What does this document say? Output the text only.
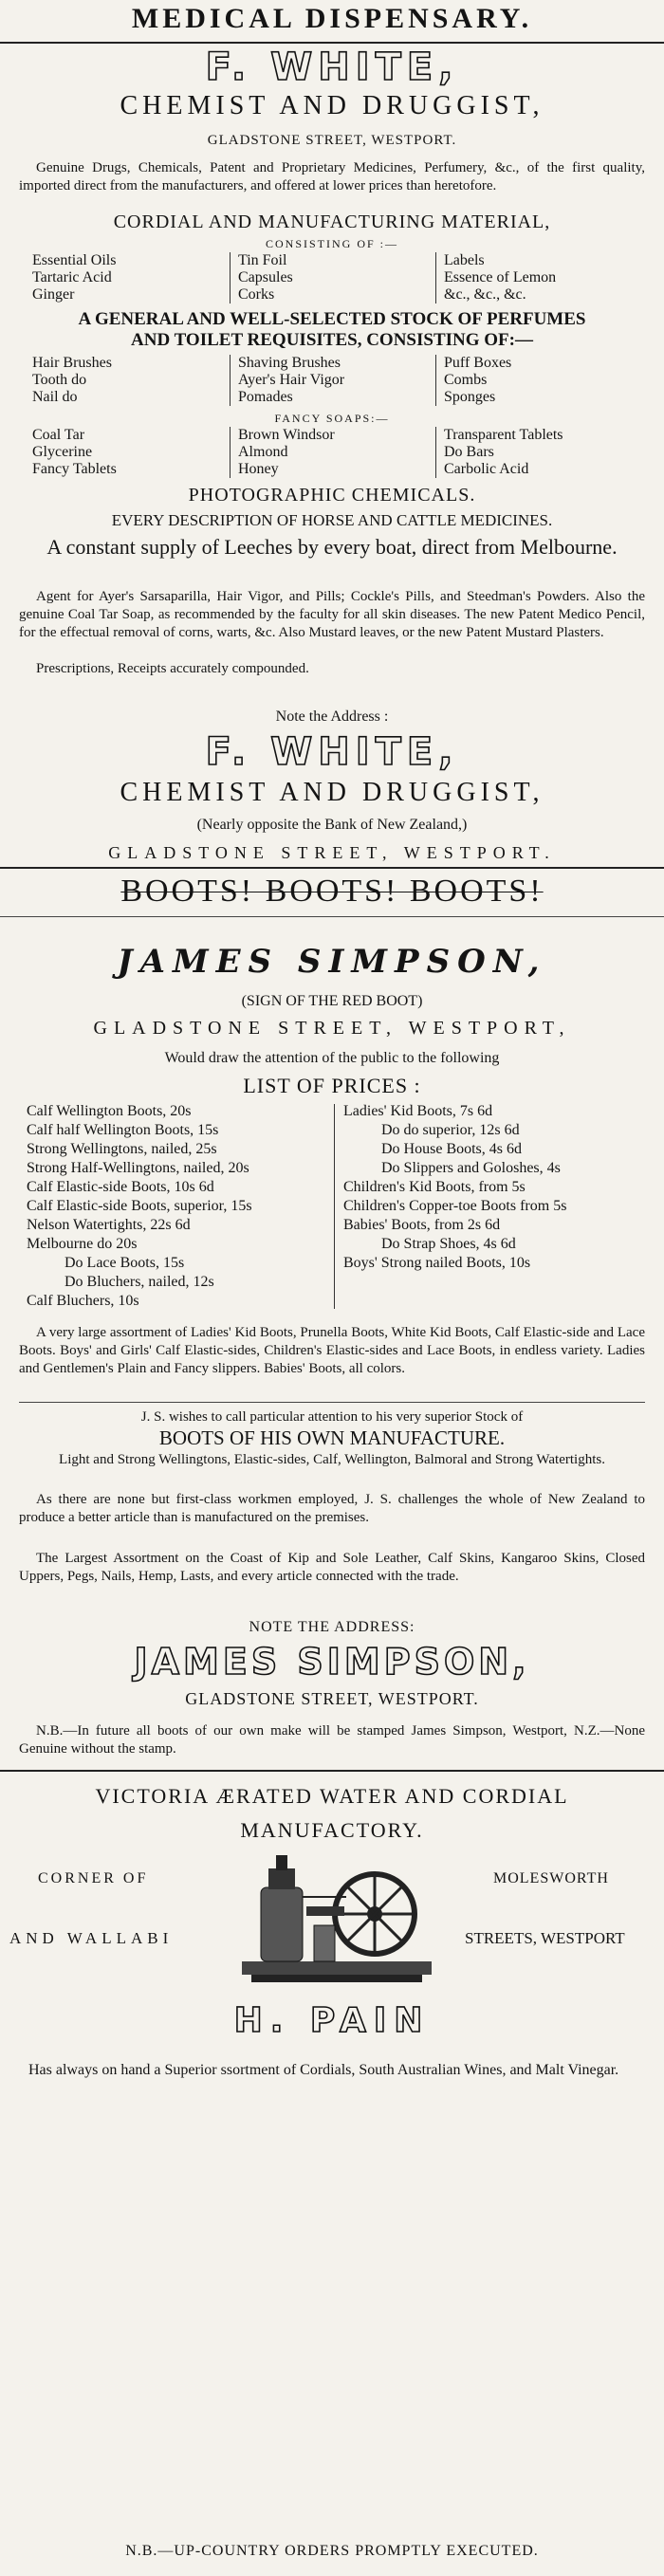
MEDICAL DISPENSARY.
F. WHITE,
CHEMIST AND DRUGGIST,
GLADSTONE STREET, WESTPORT.
Genuine Drugs, Chemicals, Patent and Proprietary Medicines, Perfumery, &c., of the first quality, imported direct from the manufacturers, and offered at lower prices than heretofore.
CORDIAL AND MANUFACTURING MATERIAL,
CONSISTING OF :—
Essential Oils
Tartaric Acid
Ginger
Tin Foil
Capsules
Corks
Labels
Essence of Lemon
&c., &c., &c.
A GENERAL AND WELL-SELECTED STOCK OF PERFUMES
AND TOILET REQUISITES, CONSISTING OF:—
Hair Brushes
Tooth do
Nail do
Shaving Brushes
Ayer's Hair Vigor
Pomades
Puff Boxes
Combs
Sponges
FANCY SOAPS:—
Coal Tar
Glycerine
Fancy Tablets
Brown Windsor
Almond
Honey
Transparent Tablets
Do Bars
Carbolic Acid
PHOTOGRAPHIC CHEMICALS.
EVERY DESCRIPTION OF HORSE AND CATTLE MEDICINES.
A constant supply of Leeches by every boat, direct from Melbourne.
Agent for Ayer's Sarsaparilla, Hair Vigor, and Pills; Cockle's Pills, and Steedman's Powders. Also the genuine Coal Tar Soap, as recommended by the faculty for all skin diseases. The new Patent Medico Pencil, for the effectual removal of corns, warts, &c. Also Mustard leaves, or the new Patent Mustard Plasters.
Prescriptions, Receipts accurately compounded.
Note the Address :
F. WHITE,
CHEMIST AND DRUGGIST,
(Nearly opposite the Bank of New Zealand,)
GLADSTONE STREET, WESTPORT.
BOOTS! BOOTS! BOOTS!
JAMES SIMPSON,
(SIGN OF THE RED BOOT)
GLADSTONE STREET, WESTPORT,
Would draw the attention of the public to the following
LIST OF PRICES :
Calf Wellington Boots, 20s
Calf half Wellington Boots, 15s
Strong Wellingtons, nailed, 25s
Strong Half-Wellingtons, nailed, 20s
Calf Elastic-side Boots, 10s 6d
Calf Elastic-side Boots, superior, 15s
Nelson Watertights, 22s 6d
Melbourne do 20s
Do Lace Boots, 15s
Do Bluchers, nailed, 12s
Calf Bluchers, 10s
Ladies' Kid Boots, 7s 6d
Do do superior, 12s 6d
Do House Boots, 4s 6d
Do Slippers and Goloshes, 4s
Children's Kid Boots, from 5s
Children's Copper-toe Boots from 5s
Babies' Boots, from 2s 6d
Do Strap Shoes, 4s 6d
Boys' Strong nailed Boots, 10s
A very large assortment of Ladies' Kid Boots, Prunella Boots, White Kid Boots, Calf Elastic-side and Lace Boots. Boys' and Girls' Calf Elastic-sides, Children's Elastic-sides and Lace Boots, in endless variety. Ladies and Gentlemen's Plain and Fancy slippers. Babies' Boots, all colors.
J. S. wishes to call particular attention to his very superior Stock of
BOOTS OF HIS OWN MANUFACTURE.
Light and Strong Wellingtons, Elastic-sides, Calf, Wellington, Balmoral and Strong Watertights.
As there are none but first-class workmen employed, J. S. challenges the whole of New Zealand to produce a better article than is manufactured on the premises.
The Largest Assortment on the Coast of Kip and Sole Leather, Calf Skins, Kangaroo Skins, Closed Uppers, Pegs, Nails, Hemp, Lasts, and every article connected with the trade.
NOTE THE ADDRESS:
JAMES SIMPSON,
GLADSTONE STREET, WESTPORT.
N.B.—In future all boots of our own make will be stamped James Simpson, Westport, N.Z.—None Genuine without the stamp.
VICTORIA ÆRATED WATER AND CORDIAL
MANUFACTORY.
CORNER OF	MOLESWORTH
AND WALLABI	STREETS, WESTPORT
H. PAIN
Has always on hand a Superior ssortment of Cordials, South Australian Wines, and Malt Vinegar.
N.B.—UP-COUNTRY ORDERS PROMPTLY EXECUTED.
